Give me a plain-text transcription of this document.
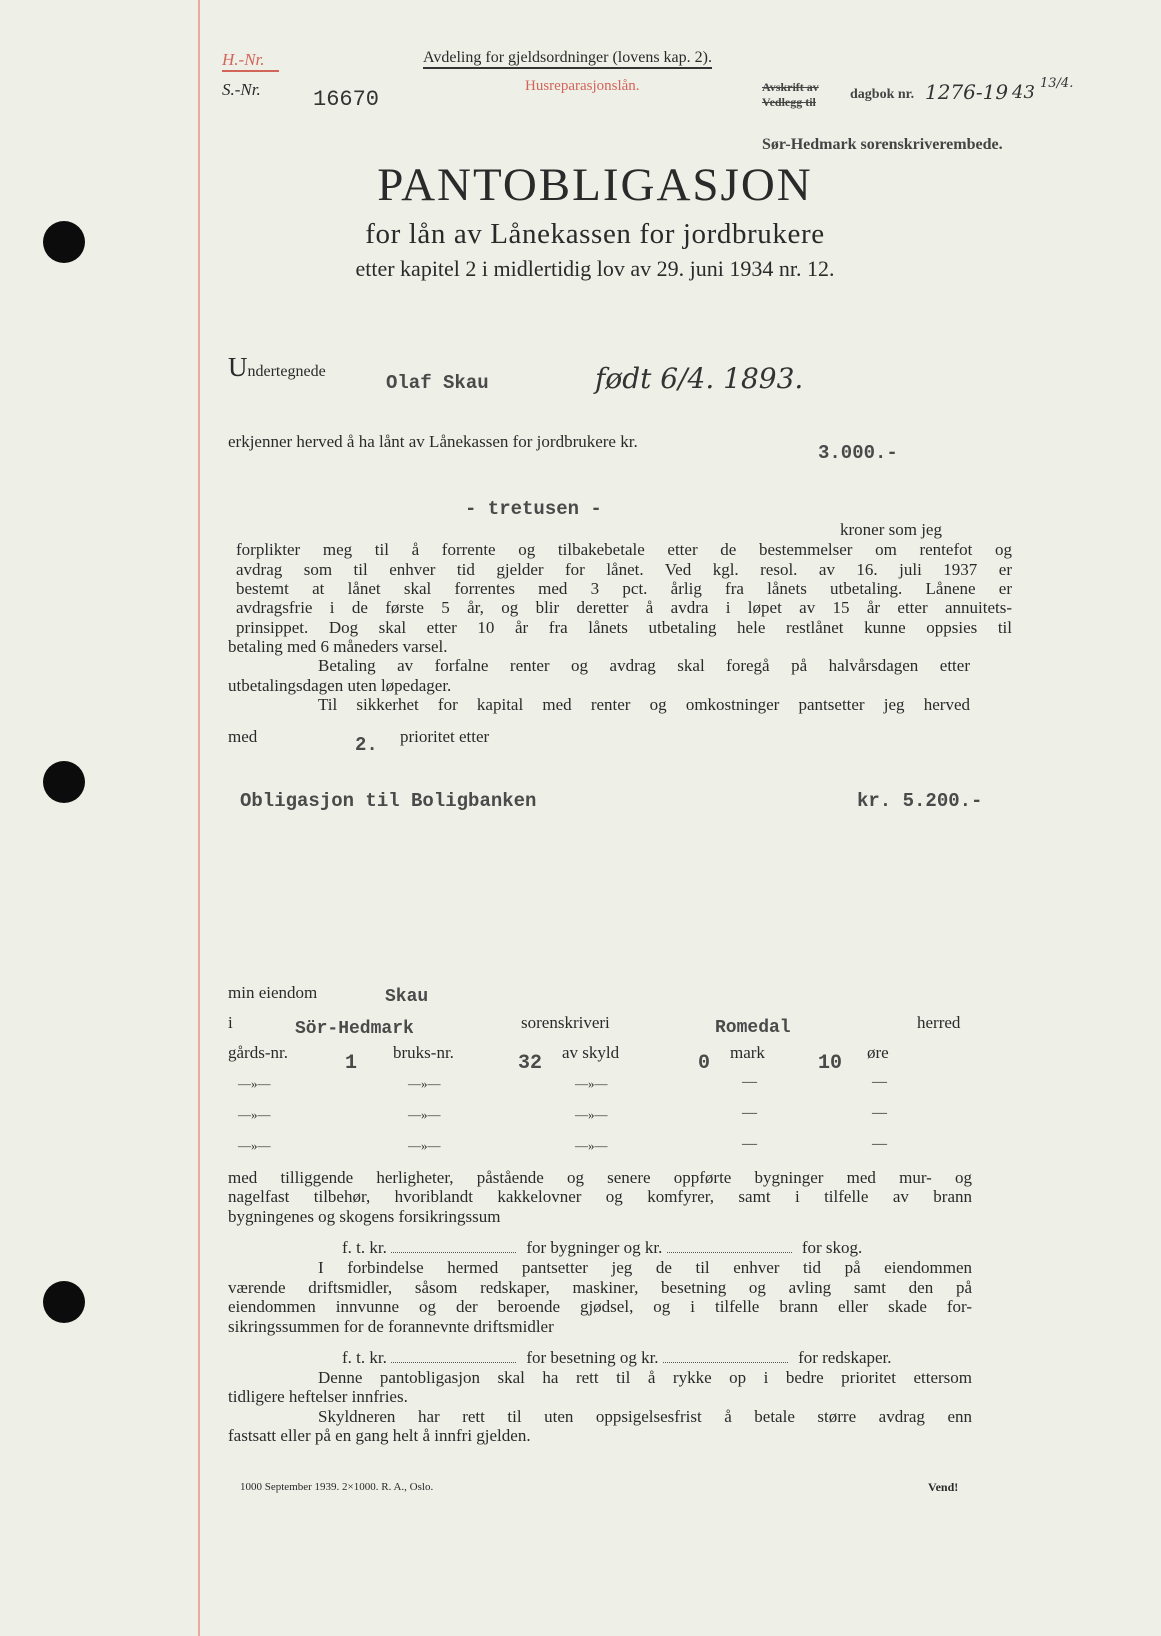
H.-Nr.
S.-Nr. 16670
Avdeling for gjeldsordninger (lovens kap. 2).
Husreparasjonslån.	Avskrift av
Vedlegg til dagbok nr. 1276-19 43 13/4.
Sør-Hedmark sorenskriverembede.
PANTOBLIGASJON
for lån av Lånekassen for jordbrukere
etter kapitel 2 i midlertidig lov av 29. juni 1934 nr. 12.
Undertegnede
Olaf Skau	født 6/4. 1893.
erkjenner herved å ha lånt av Lånekassen for jordbrukere kr.
3.000.-
- tretusen -
kroner som jeg
forplikter meg til å forrente og tilbakebetale etter de bestemmelser om rentefot og
avdrag som til enhver tid gjelder for lånet. Ved kgl. resol. av 16. juli 1937 er
bestemt at lånet skal forrentes med 3 pct. årlig fra lånets utbetaling. Lånene er
avdragsfrie i de første 5 år, og blir deretter å avdra i løpet av 15 år etter annuitets-
prinsippet. Dog skal etter 10 år fra lånets utbetaling hele restlånet kunne oppsies til
betaling med 6 måneders varsel.
Betaling av forfalne renter og avdrag skal foregå på halvårsdagen etter
utbetalingsdagen uten løpedager.
Til sikkerhet for kapital med renter og omkostninger pantsetter jeg herved
med	2. prioritet etter
Obligasjon til Boligbanken	kr. 5.200.-
min eiendom	Skau
i	Sör-Hedmark	sorenskriveri	Romedal	herred
gårds-nr.	1 bruks-nr.	32 av skyld	0 mark	10 øre
—»—	—»—	—»—	—	—
—»—	—»—	—»—	—	—
—»—	—»—	—»—	—	—
med tilliggende herligheter, påstående og senere oppførte bygninger med mur- og
nagelfast tilbehør, hvoriblandt kakkelovner og komfyrer, samt i tilfelle av brann
bygningenes og skogens forsikringssum
f. t. kr.	for bygninger og kr.	for skog.
I forbindelse hermed pantsetter jeg de til enhver tid på eiendommen
værende driftsmidler, såsom redskaper, maskiner, besetning og avling samt den på
eiendommen innvunne og der beroende gjødsel, og i tilfelle brann eller skade for-
sikringssummen for de forannevnte driftsmidler
f. t. kr.	for besetning og kr.	for redskaper.
Denne pantobligasjon skal ha rett til å rykke op i bedre prioritet ettersom
tidligere heftelser innfries.
Skyldneren har rett til uten oppsigelsesfrist å betale større avdrag enn
fastsatt eller på en gang helt å innfri gjelden.
1000 September 1939. 2×1000. R. A., Oslo.	Vend!
